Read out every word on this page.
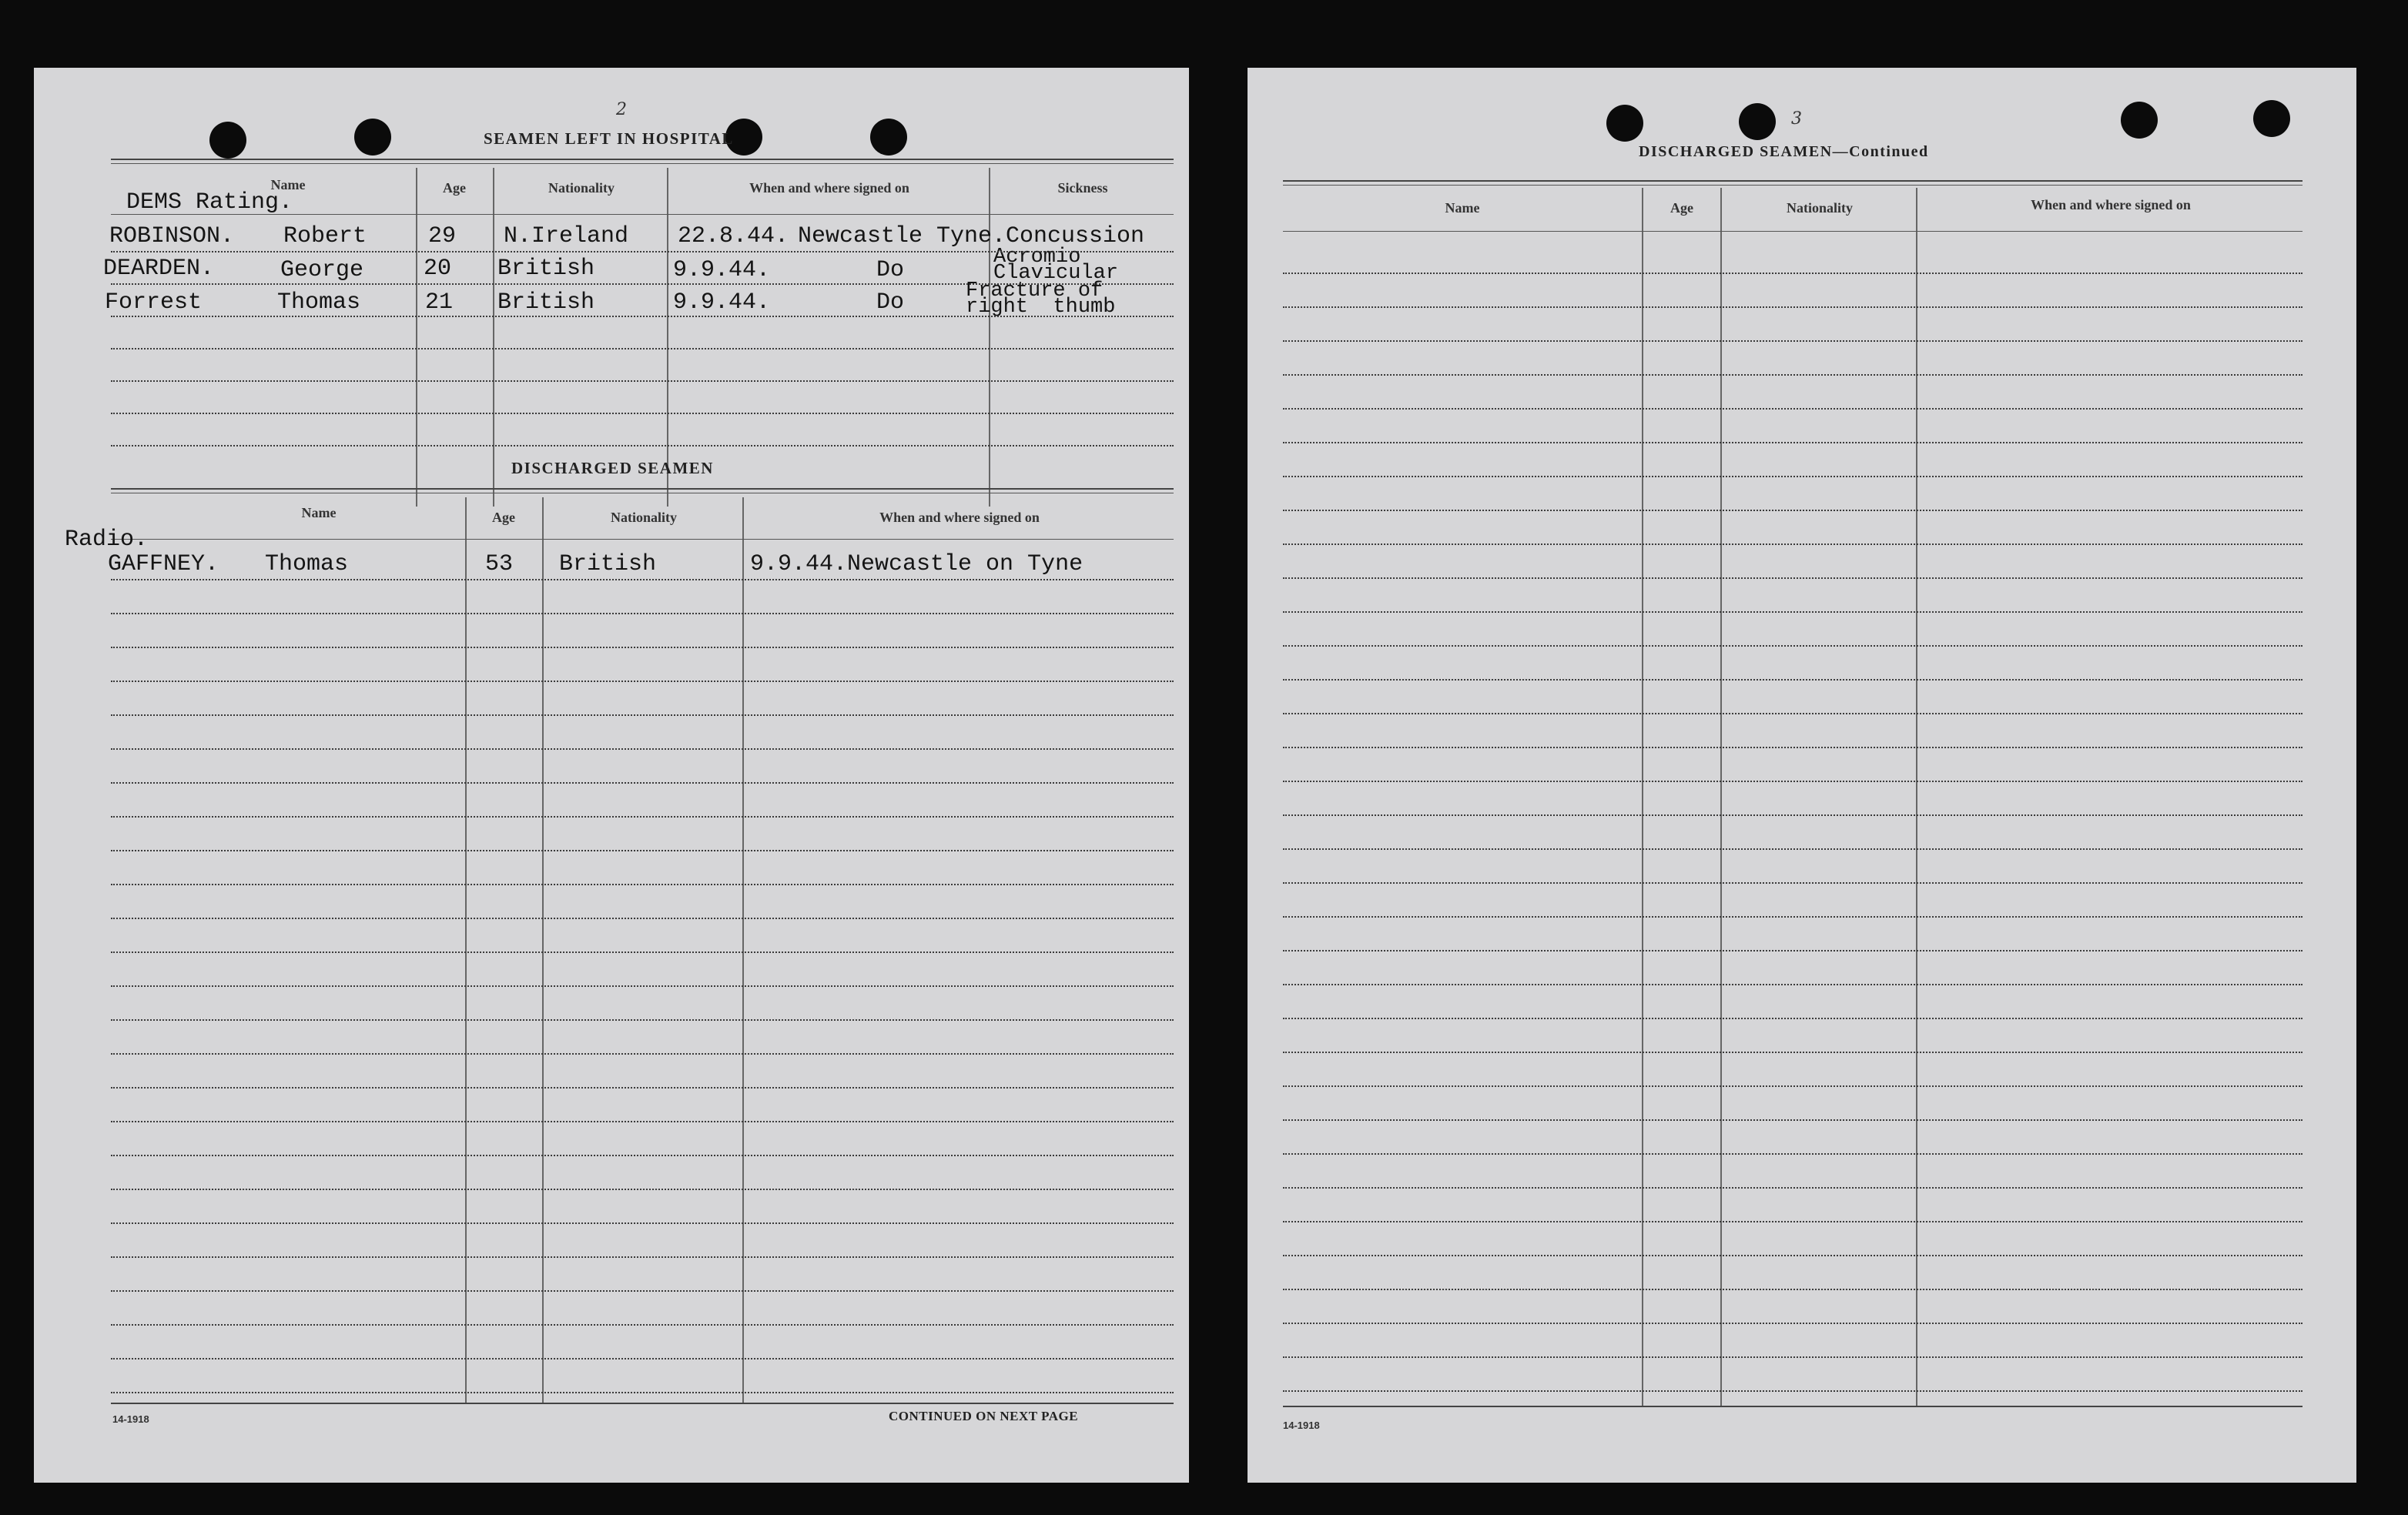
2
SEAMEN LEFT IN HOSPITAL
Name	Age	Nationality	When and where signed on	Sickness
DEMS Rating.
ROBINSON. Robert	29 N.Ireland 22.8.44. Newcastle Tyne. Concussion
DEARDEN.	George	20 British	9.9.44.	Do	Acromio
Clavicular
Forrest	Thomas	21 British	9.9.44.	Do	Fracture of
right  thumb
DISCHARGED SEAMEN
Name	Age	Nationality	When and where signed on
Radio.
GAFFNEY. Thomas	53 British	9.9.44.Newcastle on Tyne
14-1918	CONTINUED ON NEXT PAGE
3
DISCHARGED SEAMEN—Continued
Name	Age	Nationality	When and where signed on
14-1918
